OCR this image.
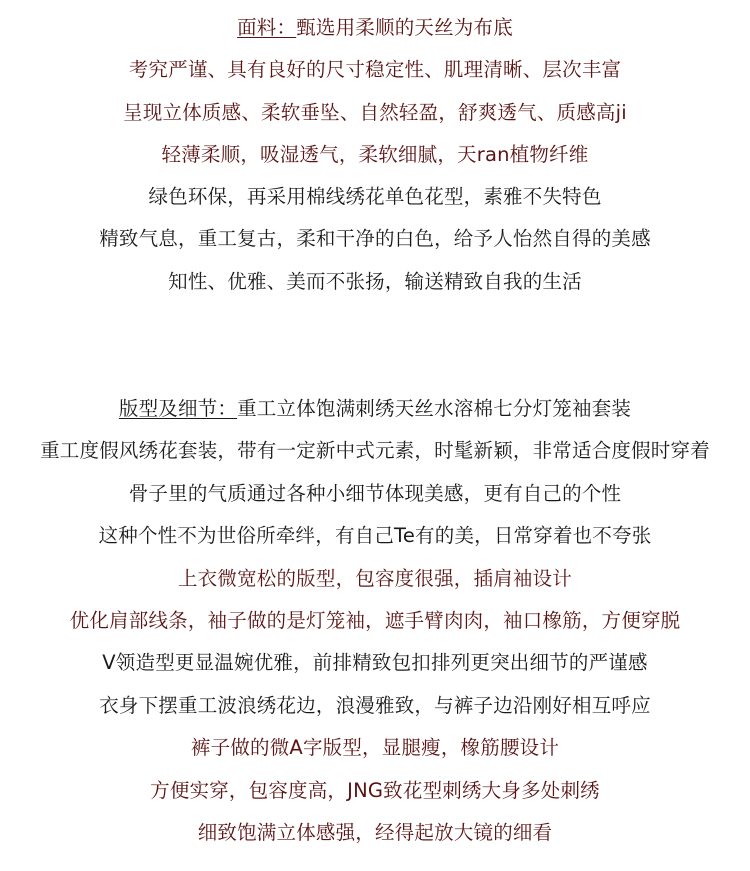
面料：甄选用柔顺的天丝为布底
考究严谨、具有良好的尺寸稳定性、肌理清晰、层次丰富
呈现立体质感、柔软垂坠、自然轻盈，舒爽透气、质感高ji
轻薄柔顺，吸湿透气，柔软细腻，天ran植物纤维
绿色环保，再采用棉线绣花单色花型，素雅不失特色
精致气息，重工复古，柔和干净的白色，给予人怡然自得的美感
知性、优雅、美而不张扬，输送精致自我的生活
版型及细节：重工立体饱满刺绣天丝水溶棉七分灯笼袖套装
重工度假风绣花套装，带有一定新中式元素，时髦新颖，非常适合度假时穿着
骨子里的气质通过各种小细节体现美感，更有自己的个性
这种个性不为世俗所牵绊，有自己Te有的美，日常穿着也不夸张
上衣微宽松的版型，包容度很强，插肩袖设计
优化肩部线条，袖子做的是灯笼袖，遮手臂肉肉，袖口橡筋，方便穿脱
V领造型更显温婉优雅，前排精致包扣排列更突出细节的严谨感
衣身下摆重工波浪绣花边，浪漫雅致，与裤子边沿刚好相互呼应
裤子做的微A字版型，显腿瘦，橡筋腰设计
方便实穿，包容度高，JNG致花型刺绣大身多处刺绣
细致饱满立体感强，经得起放大镜的细看
